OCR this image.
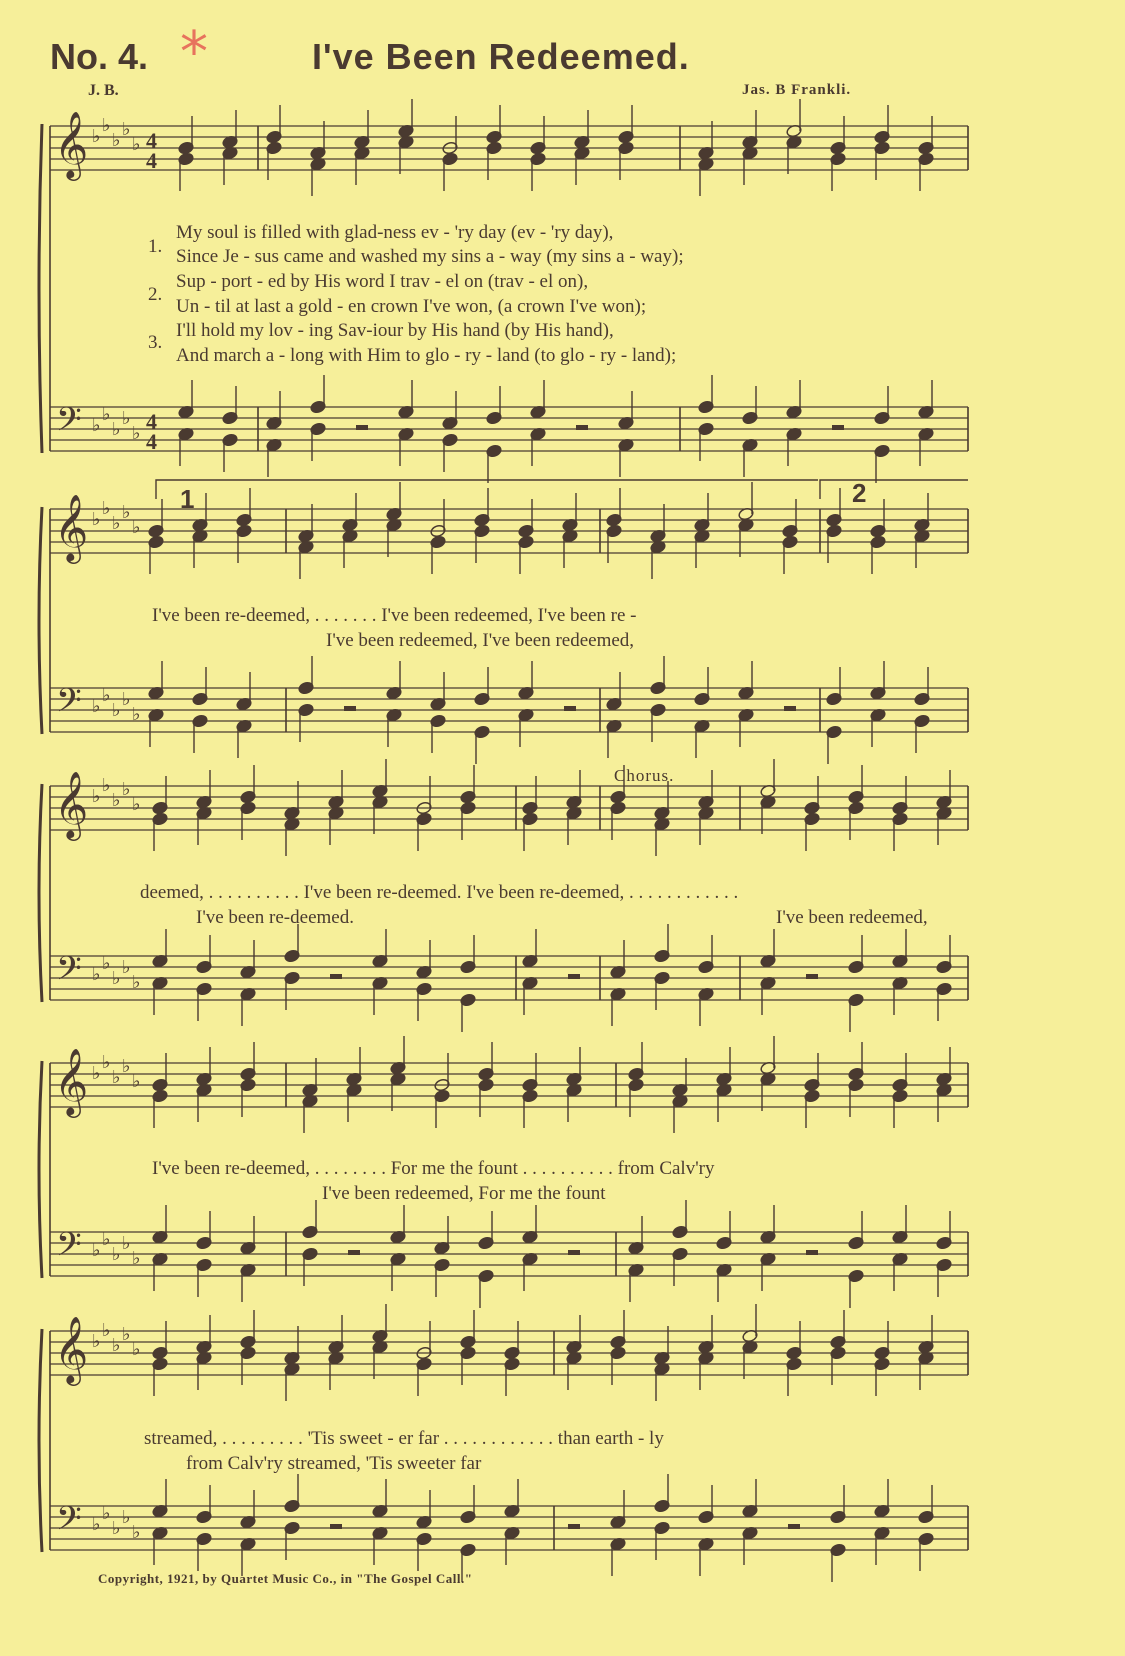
No. 4. *	I've Been Redeemed.
J. B.	Jas. B Frankli.
𝄞
𝄢
♭
♭
♭
♭
♭
♭
♭
♭
♭
♭
4
4
4
4
𝄞
𝄢
♭
♭
♭
♭
♭
♭
♭
♭
♭
♭
𝄞
𝄢
♭
♭
♭
♭
♭
♭
♭
♭
♭
♭
𝄞
𝄢
♭
♭
♭
♭
♭
♭
♭
♭
♭
♭
𝄞
𝄢
♭
♭
♭
♭
♭
♭
♭
♭
♭
♭
1.
2.
3.
My soul is filled with glad-ness ev - 'ry day (ev - 'ry day),
Since Je - sus came and washed my sins a - way (my sins a - way);
Sup - port - ed by His word I trav - el on (trav - el on),
Un - til at last a gold - en crown I've won, (a crown I've won);
I'll hold my lov - ing Sav-iour by His hand (by His hand),
And march a - long with Him to glo - ry - land (to glo - ry - land);
1	2
Chorus.
I've been re-deemed, . . . . . . . I've been redeemed, I've been re -
I've been redeemed, I've been redeemed,
deemed, . . . . . . . . . . I've been re-deemed. I've been re-deemed, . . . . . . . . . . . .
I've been re-deemed.	I've been redeemed,
I've been re-deemed, . . . . . . . . For me the fount . . . . . . . . . . from Calv'ry
I've been redeemed, For me the fount
streamed, . . . . . . . . . 'Tis sweet - er far . . . . . . . . . . . . than earth - ly
from Calv'ry streamed, 'Tis sweeter far
Copyright, 1921, by Quartet Music Co., in "The Gospel Call."
